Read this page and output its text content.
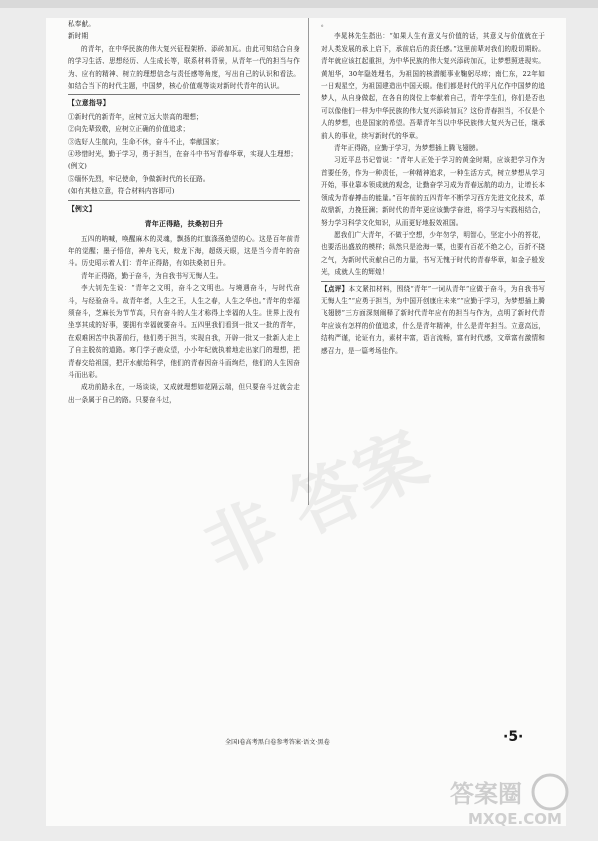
私奉献。

新时期

的青年，在中华民族的伟大复兴征程架桥、添砖加瓦。由此可知结合自身的学习生活、思想经历、人生成长等，联系材料背景，从青年一代的担当与作为、应有的精神、树立的理想信念与责任感等角度，写出自己的认识和看法。如结合当下的时代主题，中国梦，核心价值观等谈对新时代青年的认识。

【立意指导】

①新时代的新青年，应树立远大崇高的理想；

②向先辈致敬，应树立正确的价值追求；

③选好人生航向，生命不休，奋斗不止，奉献国家；

④珍惜时光，勤于学习，勇于担当，在奋斗中书写青春华章，实现人生理想；(例文)

⑤缅怀先烈，牢记使命，争做新时代的长征路。

(如有其他立意，符合材料内容即可)

【例文】

青年正得路，扶桑初日升

五四的呐喊，唤醒麻木的灵魂，飘扬的红旗涤荡绝望的心。这是百年前青年的觉醒；墨子悟信，神舟飞天，蛟龙下海，超级天眼，这是当今青年的奋斗。历史昭示着人们：青年正得路，有如扶桑初日升。

青年正得路，勤于奋斗，为自我书写无悔人生。

李大钊先生说：“青年之文明，奋斗之文明也。与境遇奋斗，与时代奋斗，与经验奋斗。故青年者，人生之王，人生之春，人生之华也。”青年的幸福须奋斗，芝麻长为节节高，只有奋斗的人生才称得上幸福的人生。世界上没有坐享其成的好事，要拥有幸福就要奋斗。五四里我们看到一批又一批的青年，在艰难困苦中执著前行，他们勇于担当，实现自我，开辟一批又一批新人走上了自主脱贫的道路。寒门学子鹿众望，小小年纪就执着地走出家门的理想，把青春交给祖国，把汗水献给科学，他们的青春因奋斗而绚烂，他们的人生因奋斗而出彩。

成功前路永在，一场谈谈，又成就理想如花隔云端，但只要奋斗过就会走出一条属于自己的路。只要奋斗过，

。

李晁林先生指出：“如果人生有意义与价值的话，其意义与价值就在于对人类发展的承上启下，承前启后的责任感。”这里前辈对我们的殷切期盼。青年就应该扛起重担，为中华民族的伟大复兴添砖加瓦，让梦想照进现实。黄旭华，30年隐姓埋名，为祖国的核潜艇事业鞠躬尽瘁；南仁东，22年如一日观星空，为祖国建造出中国天眼。他们都是时代的平凡亿作中国梦的追梦人，从自身做起，在各自的岗位上奉献着自己，青年学生们，你们是否也可以像他们一样为中华民族的伟大复兴添砖加瓦？这份青春担当，不仅是个人的梦想，也是国家的希望。吾辈青年当以中华民族伟大复兴为己任，继承前人的事业，续写新时代的华章。

青年正得路，应勤于学习，为梦想插上腾飞翅膀。

习近平总书记曾说：“青年人正处于学习的黄金时期，应该把学习作为首要任务，作为一种责任，一种精神追求，一种生活方式，树立梦想从学习开始，事业靠本领成就的观念，让勤奋学习成为青春远航的动力，让增长本领成为青春搏击的能量。”百年前的五四青年不断学习西方先进文化技术，革故鼎新，力挽狂澜；新时代的青年更应该勤学奋进，将学习与实践相结合，努力学习科学文化知识，从而更好地报效祖国。

愿我们广大青年，不做于空想，少年勿学，明智心，坚定小小的苔花，也要活出盛放的模样；纵然只是沧海一粟，也要有百花不绝之心，百折不挠之气，为新时代贡献自己的力量，书写无愧于时代的青春华章，如金子般发光，成就人生的辉煌！

【点评】本文紧扣材料，围绕“青年”一词从青年“应做于奋斗，为自我书写无悔人生”“应勇于担当，为中国开创康庄未来”“应勤于学习，为梦想插上腾飞翅膀”三方面深刻阐释了新时代青年应有的担当与作为，点明了新时代青年应该有怎样的价值追求，什么是青年精神，什么是青年担当。立意高远，结构严谨，论证有力，素材丰富，语言流畅，富有时代感，文章富有激情和感召力，是一篇考场佳作。

非 答案
全国Ⅰ卷高考黑白卷参考答案·语文·黑卷	·5·
答案圈
MXQE.COM
